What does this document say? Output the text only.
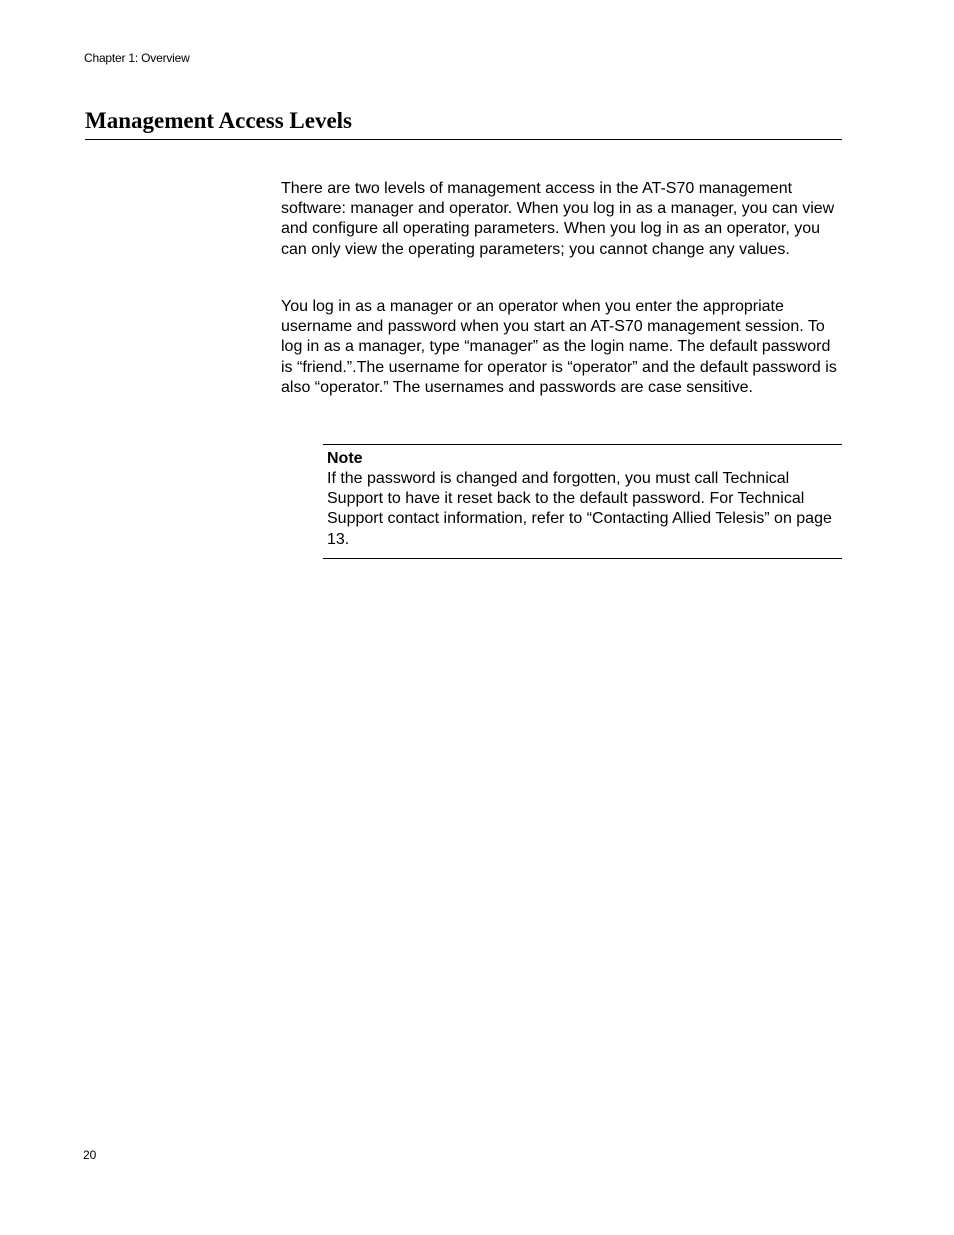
Chapter 1: Overview
Management Access Levels

There are two levels of management access in the AT-S70 management software: manager and operator. When you log in as a manager, you can view and configure all operating parameters. When you log in as an operator, you can only view the operating parameters; you cannot change any values.

You log in as a manager or an operator when you enter the appropriate username and password when you start an AT-S70 management session. To log in as a manager, type “manager” as the login name. The default password is “friend.”.The username for operator is “operator” and the default password is also “operator.” The usernames and passwords are case sensitive.

Note

If the password is changed and forgotten, you must call Technical Support to have it reset back to the default password. For Technical Support contact information, refer to “Contacting Allied Telesis” on page 13.

20
